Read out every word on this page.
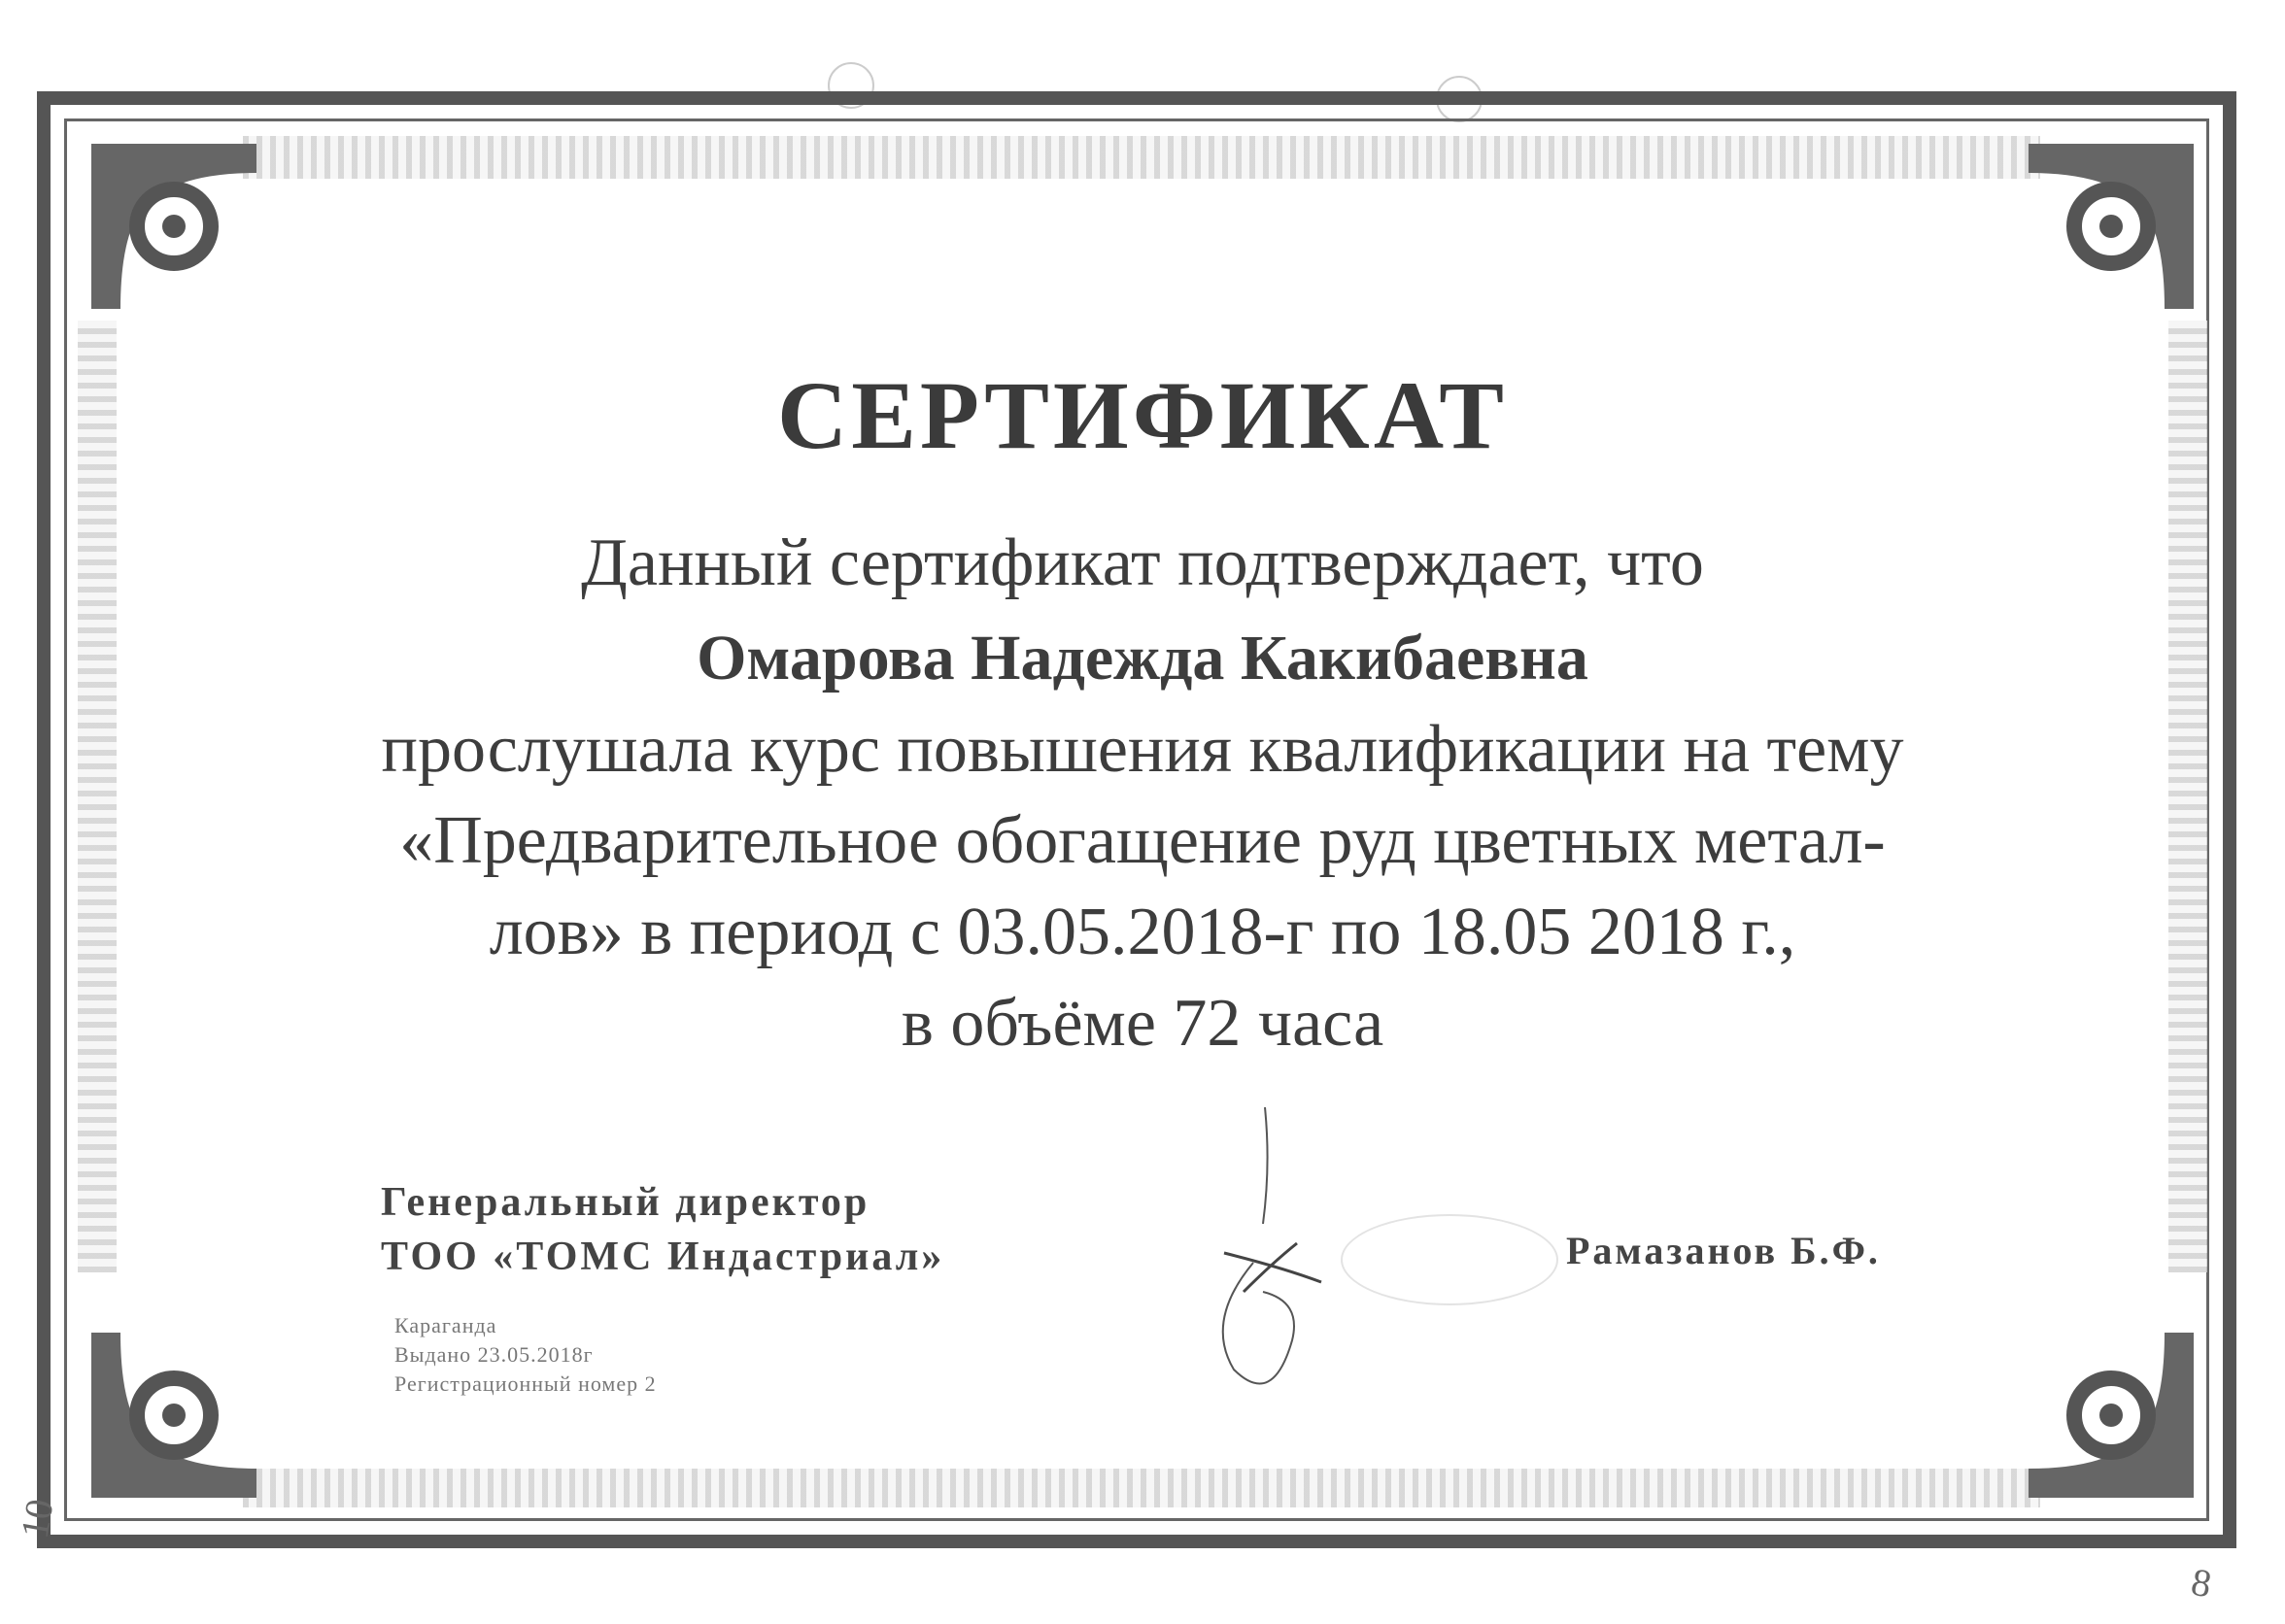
СЕРТИФИКАТ
Данный сертификат подтверждает, что
Омарова Надежда Какибаевна
прослушала курс повышения квалификации на тему
«Предварительное обогащение руд цветных метал-
лов» в период с 03.05.2018-г по 18.05 2018 г.,
в объёме 72 часа
Генеральный директор
ТОО «ТОМС Индастриал»	Рамазанов Б.Ф.
Караганда
Выдано 23.05.2018г
Регистрационный номер 2
10
8
